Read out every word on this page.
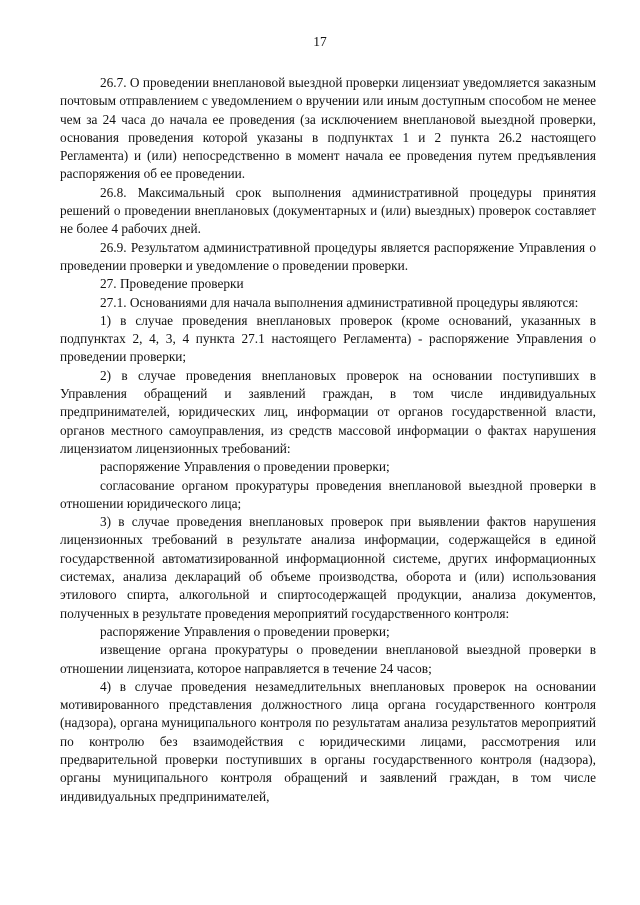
17

26.7. О проведении внеплановой выездной проверки лицензиат уведомляется заказным почтовым отправлением с уведомлением о вручении или иным доступным способом не менее чем за 24 часа до начала ее проведения (за исключением внеплановой выездной проверки, основания проведения которой указаны в подпунктах 1 и 2 пункта 26.2 настоящего Регламента) и (или) непосредственно в момент начала ее проведения путем предъявления распоряжения об ее проведении.

26.8. Максимальный срок выполнения административной процедуры принятия решений о проведении внеплановых (документарных и (или) выездных) проверок составляет не более 4 рабочих дней.

26.9. Результатом административной процедуры является распоряжение Управления о проведении проверки и уведомление о проведении проверки.

27. Проведение проверки

27.1. Основаниями для начала выполнения административной процедуры являются:

1) в случае проведения внеплановых проверок (кроме оснований, указанных в подпунктах 2, 4, 3, 4 пункта 27.1 настоящего Регламента) - распоряжение Управления о проведении проверки;

2) в случае проведения внеплановых проверок на основании поступивших в Управления обращений и заявлений граждан, в том числе индивидуальных предпринимателей, юридических лиц, информации от органов государственной власти, органов местного самоуправления, из средств массовой информации о фактах нарушения лицензиатом лицензионных требований:

распоряжение Управления о проведении проверки;

согласование органом прокуратуры проведения внеплановой выездной проверки в отношении юридического лица;

3) в случае проведения внеплановых проверок при выявлении фактов нарушения лицензионных требований в результате анализа информации, содержащейся в единой государственной автоматизированной информационной системе, других информационных системах, анализа деклараций об объеме производства, оборота и (или) использования этилового спирта, алкогольной и спиртосодержащей продукции, анализа документов, полученных в результате проведения мероприятий государственного контроля:

распоряжение Управления о проведении проверки;

извещение органа прокуратуры о проведении внеплановой выездной проверки в отношении лицензиата, которое направляется в течение 24 часов;

4) в случае проведения незамедлительных внеплановых проверок на основании мотивированного представления должностного лица органа государственного контроля (надзора), органа муниципального контроля по результатам анализа результатов мероприятий по контролю без взаимодействия с юридическими лицами, рассмотрения или предварительной проверки поступивших в органы государственного контроля (надзора), органы муниципального контроля обращений и заявлений граждан, в том числе индивидуальных предпринимателей,
